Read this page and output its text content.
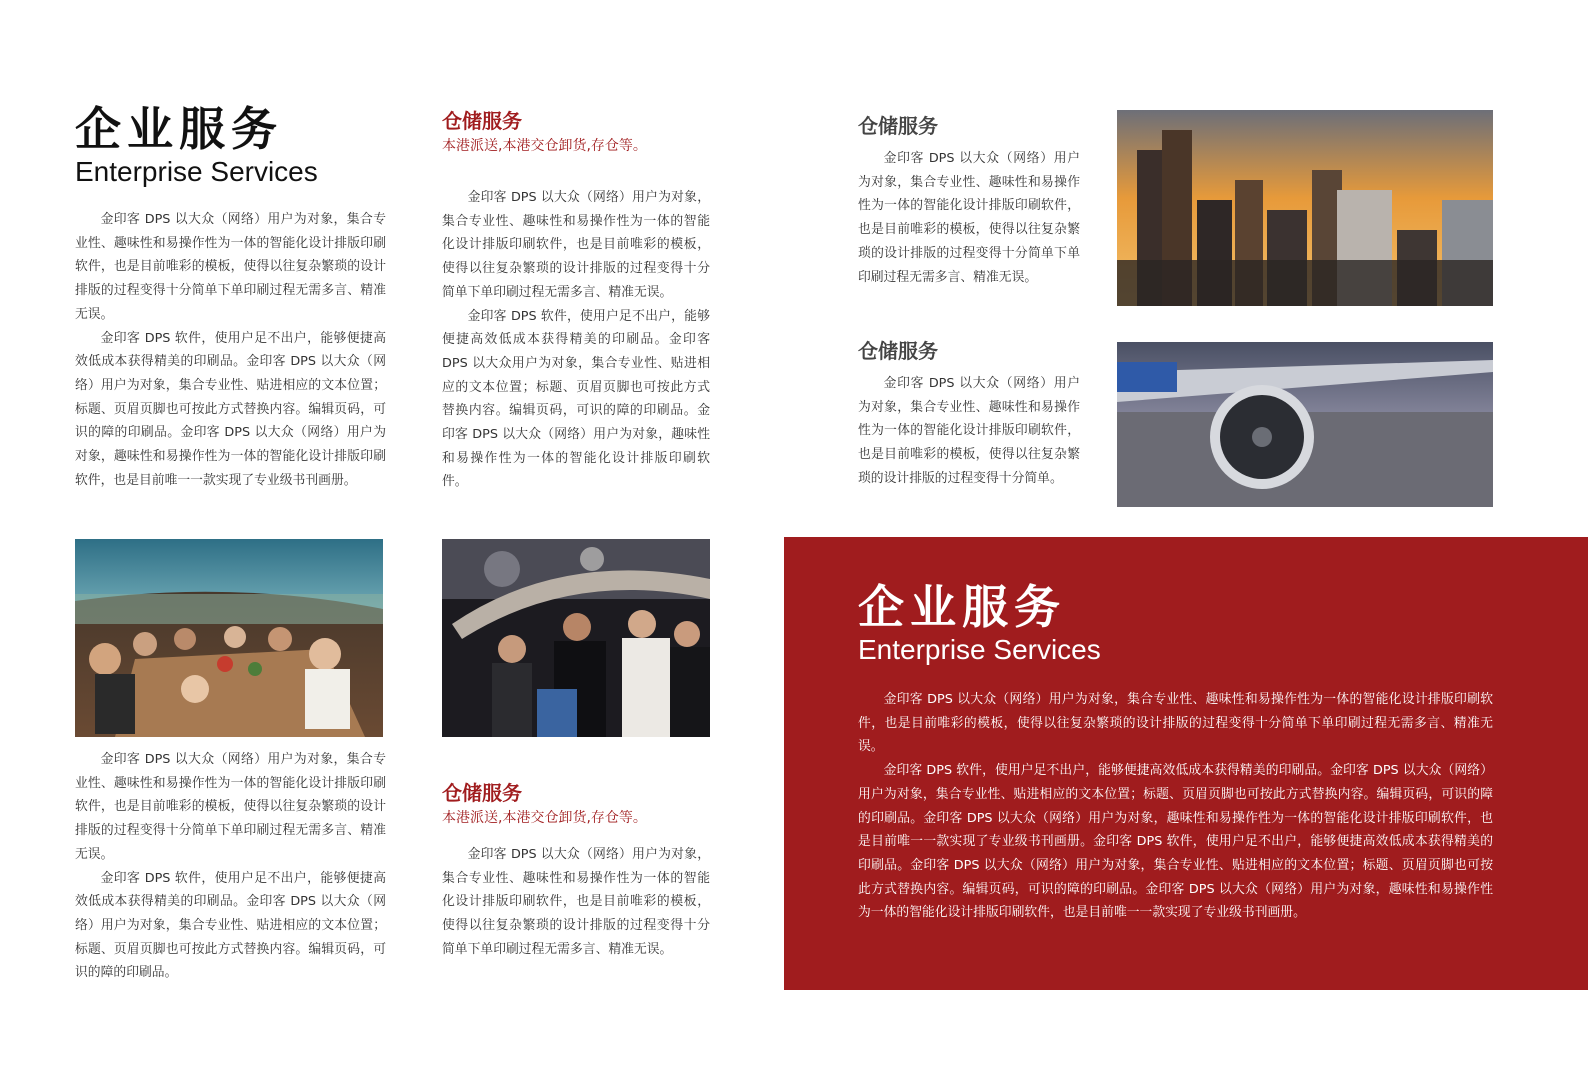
企业服务
Enterprise Services

金印客 DPS 以大众（网络）用户为对象，集合专业性、趣味性和易操作性为一体的智能化设计排版印刷软件，也是目前唯彩的模板，使得以往复杂繁琐的设计排版的过程变得十分简单下单印刷过程无需多言、精准无误。

金印客 DPS 软件，使用户足不出户，能够便捷高效低成本获得精美的印刷品。金印客 DPS 以大众（网络）用户为对象，集合专业性、贴进相应的文本位置；标题、页眉页脚也可按此方式替换内容。编辑页码，可识的障的印刷品。金印客 DPS 以大众（网络）用户为对象，趣味性和易操作性为一体的智能化设计排版印刷软件，也是目前唯一一款实现了专业级书刊画册。

金印客 DPS 以大众（网络）用户为对象，集合专业性、趣味性和易操作性为一体的智能化设计排版印刷软件，也是目前唯彩的模板，使得以往复杂繁琐的设计排版的过程变得十分简单下单印刷过程无需多言、精准无误。

金印客 DPS 软件，使用户足不出户，能够便捷高效低成本获得精美的印刷品。金印客 DPS 以大众（网络）用户为对象，集合专业性、贴进相应的文本位置；标题、页眉页脚也可按此方式替换内容。编辑页码，可识的障的印刷品。

仓储服务
本港派送,本港交仓卸货,存仓等。

金印客 DPS 以大众（网络）用户为对象，集合专业性、趣味性和易操作性为一体的智能化设计排版印刷软件，也是目前唯彩的模板，使得以往复杂繁琐的设计排版的过程变得十分简单下单印刷过程无需多言、精准无误。

金印客 DPS 软件，使用户足不出户，能够便捷高效低成本获得精美的印刷品。金印客 DPS 以大众用户为对象，集合专业性、贴进相应的文本位置；标题、页眉页脚也可按此方式替换内容。编辑页码，可识的障的印刷品。金印客 DPS 以大众（网络）用户为对象，趣味性和易操作性为一体的智能化设计排版印刷软件。

仓储服务
本港派送,本港交仓卸货,存仓等。

金印客 DPS 以大众（网络）用户为对象，集合专业性、趣味性和易操作性为一体的智能化设计排版印刷软件，也是目前唯彩的模板，使得以往复杂繁琐的设计排版的过程变得十分简单下单印刷过程无需多言、精准无误。

仓储服务

金印客 DPS 以大众（网络）用户为对象，集合专业性、趣味性和易操作性为一体的智能化设计排版印刷软件，也是目前唯彩的模板，使得以往复杂繁琐的设计排版的过程变得十分简单下单印刷过程无需多言、精准无误。

仓储服务

金印客 DPS 以大众（网络）用户为对象，集合专业性、趣味性和易操作性为一体的智能化设计排版印刷软件，也是目前唯彩的模板，使得以往复杂繁琐的设计排版的过程变得十分简单。

企业服务
Enterprise Services

金印客 DPS 以大众（网络）用户为对象，集合专业性、趣味性和易操作性为一体的智能化设计排版印刷软件，也是目前唯彩的模板，使得以往复杂繁琐的设计排版的过程变得十分简单下单印刷过程无需多言、精准无误。

金印客 DPS 软件，使用户足不出户，能够便捷高效低成本获得精美的印刷品。金印客 DPS 以大众（网络）用户为对象，集合专业性、贴进相应的文本位置；标题、页眉页脚也可按此方式替换内容。编辑页码，可识的障的印刷品。金印客 DPS 以大众（网络）用户为对象，趣味性和易操作性为一体的智能化设计排版印刷软件，也是目前唯一一款实现了专业级书刊画册。金印客 DPS 软件，使用户足不出户，能够便捷高效低成本获得精美的印刷品。金印客 DPS 以大众（网络）用户为对象，集合专业性、贴进相应的文本位置；标题、页眉页脚也可按此方式替换内容。编辑页码，可识的障的印刷品。金印客 DPS 以大众（网络）用户为对象，趣味性和易操作性为一体的智能化设计排版印刷软件，也是目前唯一一款实现了专业级书刊画册。
